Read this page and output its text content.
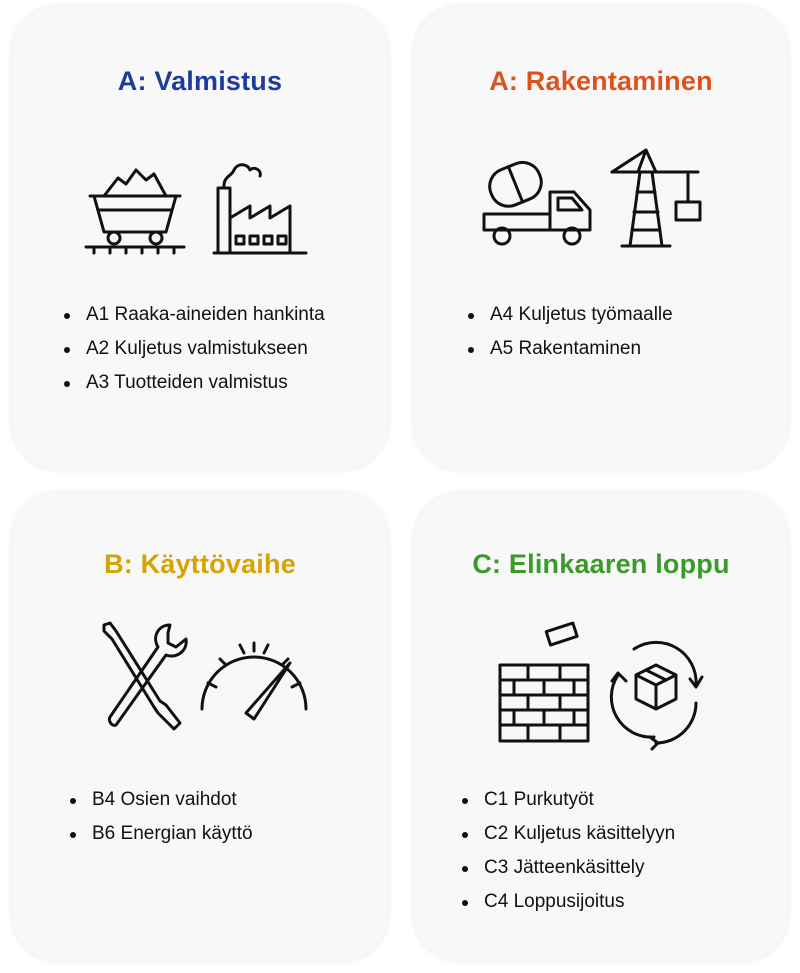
A: Valmistus
A1 Raaka-aineiden hankinta
A2 Kuljetus valmistukseen
A3 Tuotteiden valmistus
A: Rakentaminen
A4 Kuljetus työmaalle
A5 Rakentaminen
B: Käyttövaihe
B4 Osien vaihdot
B6 Energian käyttö
C: Elinkaaren loppu
C1 Purkutyöt
C2 Kuljetus käsittelyyn
C3 Jätteenkäsittely
C4 Loppusijoitus
